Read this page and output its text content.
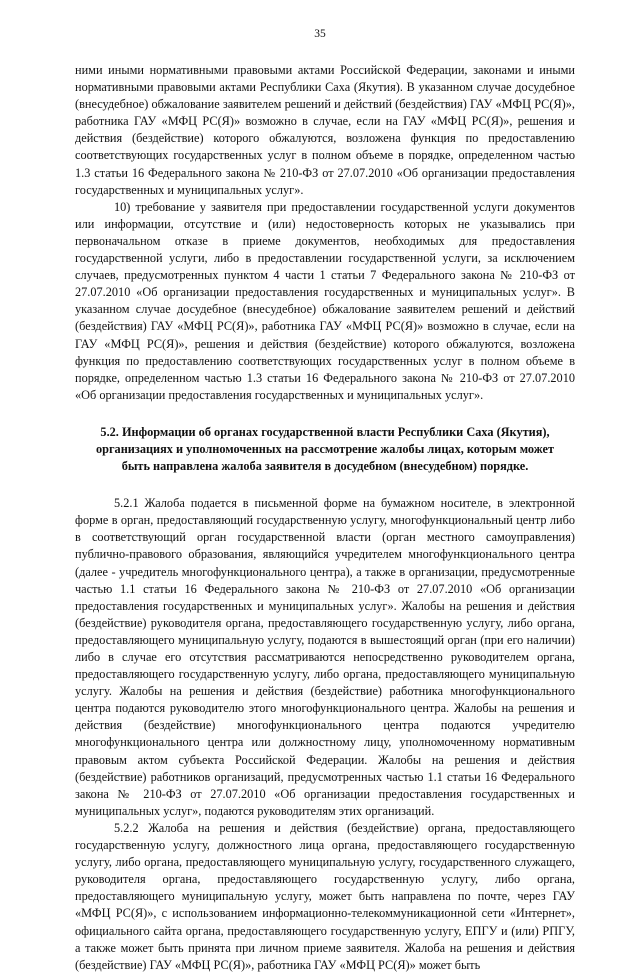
35

ними иными нормативными правовыми актами Российской Федерации, законами и иными нормативными правовыми актами Республики Саха (Якутия). В указанном случае досудебное (внесудебное) обжалование заявителем решений и действий (бездействия) ГАУ «МФЦ РС(Я)», работника ГАУ «МФЦ РС(Я)» возможно в случае, если на ГАУ «МФЦ РС(Я)», решения и действия (бездействие) которого обжалуются, возложена функция по предоставлению соответствующих государственных услуг в полном объеме в порядке, определенном частью 1.3 статьи 16 Федерального закона № 210-ФЗ от 27.07.2010 «Об организации предоставления государственных и муниципальных услуг».

10) требование у заявителя при предоставлении государственной услуги документов или информации, отсутствие и (или) недостоверность которых не указывались при первоначальном отказе в приеме документов, необходимых для предоставления государственной услуги, либо в предоставлении государственной услуги, за исключением случаев, предусмотренных пунктом 4 части 1 статьи 7 Федерального закона № 210-ФЗ от 27.07.2010 «Об организации предоставления государственных и муниципальных услуг». В указанном случае досудебное (внесудебное) обжалование заявителем решений и действий (бездействия) ГАУ «МФЦ РС(Я)», работника ГАУ «МФЦ РС(Я)» возможно в случае, если на ГАУ «МФЦ РС(Я)», решения и действия (бездействие) которого обжалуются, возложена функция по предоставлению соответствующих государственных услуг в полном объеме в порядке, определенном частью 1.3 статьи 16 Федерального закона № 210-ФЗ от 27.07.2010 «Об организации предоставления государственных и муниципальных услуг».

5.2. Информации об органах государственной власти Республики Саха (Якутия), организациях и уполномоченных на рассмотрение жалобы лицах, которым может быть направлена жалоба заявителя в досудебном (внесудебном) порядке.

5.2.1 Жалоба подается в письменной форме на бумажном носителе, в электронной форме в орган, предоставляющий государственную услугу, многофункциональный центр либо в соответствующий орган государственной власти (орган местного самоуправления) публично-правового образования, являющийся учредителем многофункционального центра (далее - учредитель многофункционального центра), а также в организации, предусмотренные частью 1.1 статьи 16 Федерального закона № 210-ФЗ от 27.07.2010 «Об организации предоставления государственных и муниципальных услуг». Жалобы на решения и действия (бездействие) руководителя органа, предоставляющего государственную услугу, либо органа, предоставляющего муниципальную услугу, подаются в вышестоящий орган (при его наличии) либо в случае его отсутствия рассматриваются непосредственно руководителем органа, предоставляющего государственную услугу, либо органа, предоставляющего муниципальную услугу. Жалобы на решения и действия (бездействие) работника многофункционального центра подаются руководителю этого многофункционального центра. Жалобы на решения и действия (бездействие) многофункционального центра подаются учредителю многофункционального центра или должностному лицу, уполномоченному нормативным правовым актом субъекта Российской Федерации. Жалобы на решения и действия (бездействие) работников организаций, предусмотренных частью 1.1 статьи 16 Федерального закона № 210-ФЗ от 27.07.2010 «Об организации предоставления государственных и муниципальных услуг», подаются руководителям этих организаций.

5.2.2 Жалоба на решения и действия (бездействие) органа, предоставляющего государственную услугу, должностного лица органа, предоставляющего государственную услугу, либо органа, предоставляющего муниципальную услугу, государственного служащего, руководителя органа, предоставляющего государственную услугу, либо органа, предоставляющего муниципальную услугу, может быть направлена по почте, через ГАУ «МФЦ РС(Я)», с использованием информационно-телекоммуникационной сети «Интернет», официального сайта органа, предоставляющего государственную услугу, ЕПГУ и (или) РПГУ, а также может быть принята при личном приеме заявителя. Жалоба на решения и действия (бездействие) ГАУ «МФЦ РС(Я)», работника ГАУ «МФЦ РС(Я)» может быть
